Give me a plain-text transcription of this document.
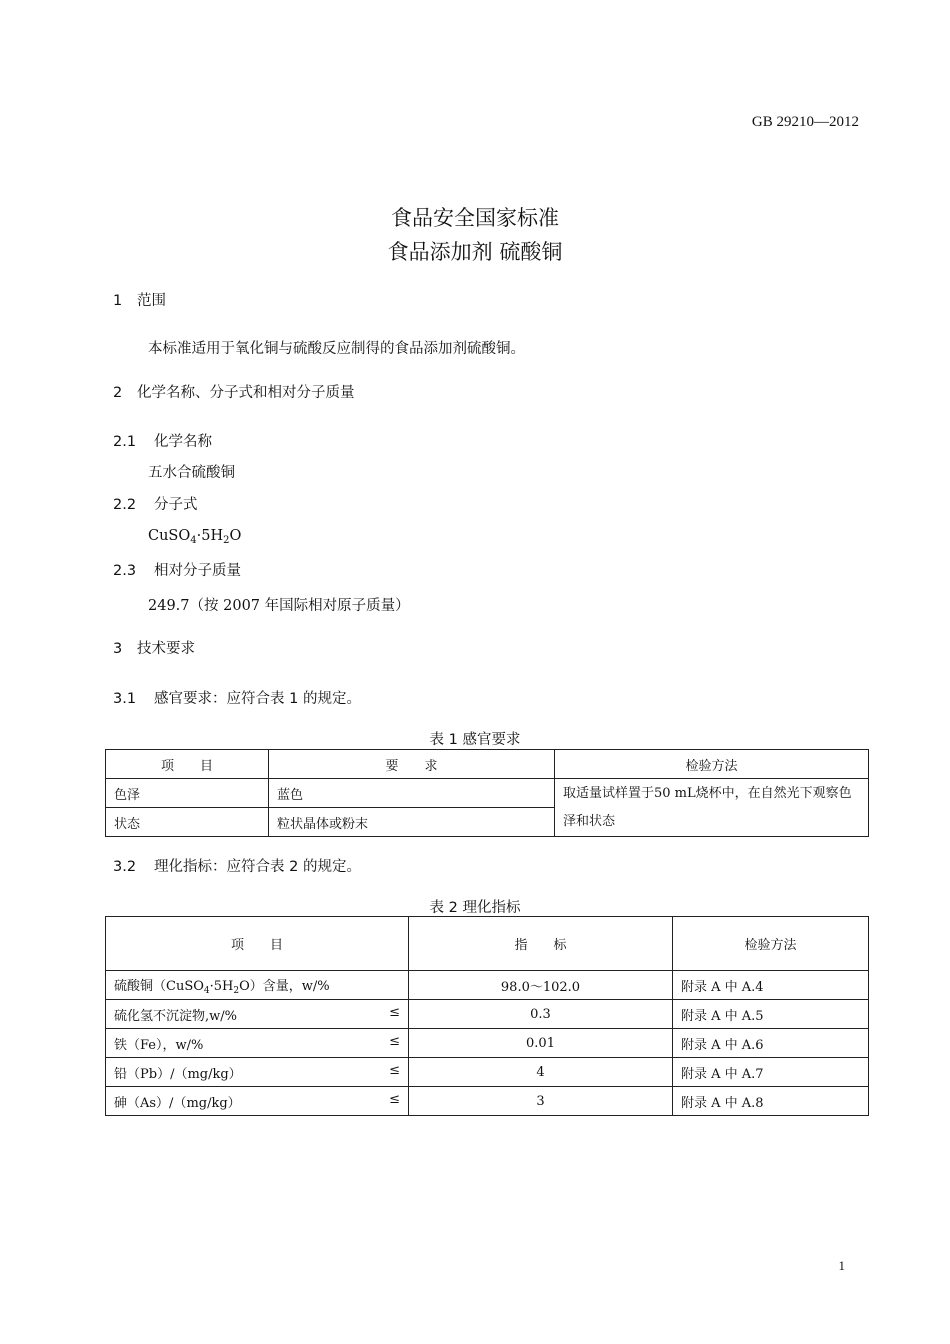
GB 29210—2012
食品安全国家标准
食品添加剂 硫酸铜
1 范围
本标准适用于氧化铜与硫酸反应制得的食品添加剂硫酸铜。
2 化学名称、分子式和相对分子质量
2.1 化学名称
五水合硫酸铜
2.2 分子式
$CuSO_4\cdot 5H_2O$
2.3 相对分子质量
249.7（按 2007 年国际相对原子质量）
3 技术要求
3.1 感官要求：应符合表 1 的规定。
表 1 感官要求
项　　目	要　　求	检验方法
色泽	蓝色	取适量试样置于50 mL烧杯中，在自然光下观察色泽和状态
状态	粒状晶体或粉末	
3.2 理化指标：应符合表 2 的规定。
表 2 理化指标
项　　目	指　　标	检验方法
硫酸铜$(CuSO_4\cdot 5H_2O)$含量，w/%	98.0～102.0	附录 A 中 A.4
硫化氢不沉淀物,w/% ≤	0.3	附录 A 中 A.5
铁（Fe），w/% ≤	0.01	附录 A 中 A.6
铅（Pb）/（mg/kg） ≤	4	附录 A 中 A.7
砷（As）/（mg/kg） ≤	3	附录 A 中 A.8
1
